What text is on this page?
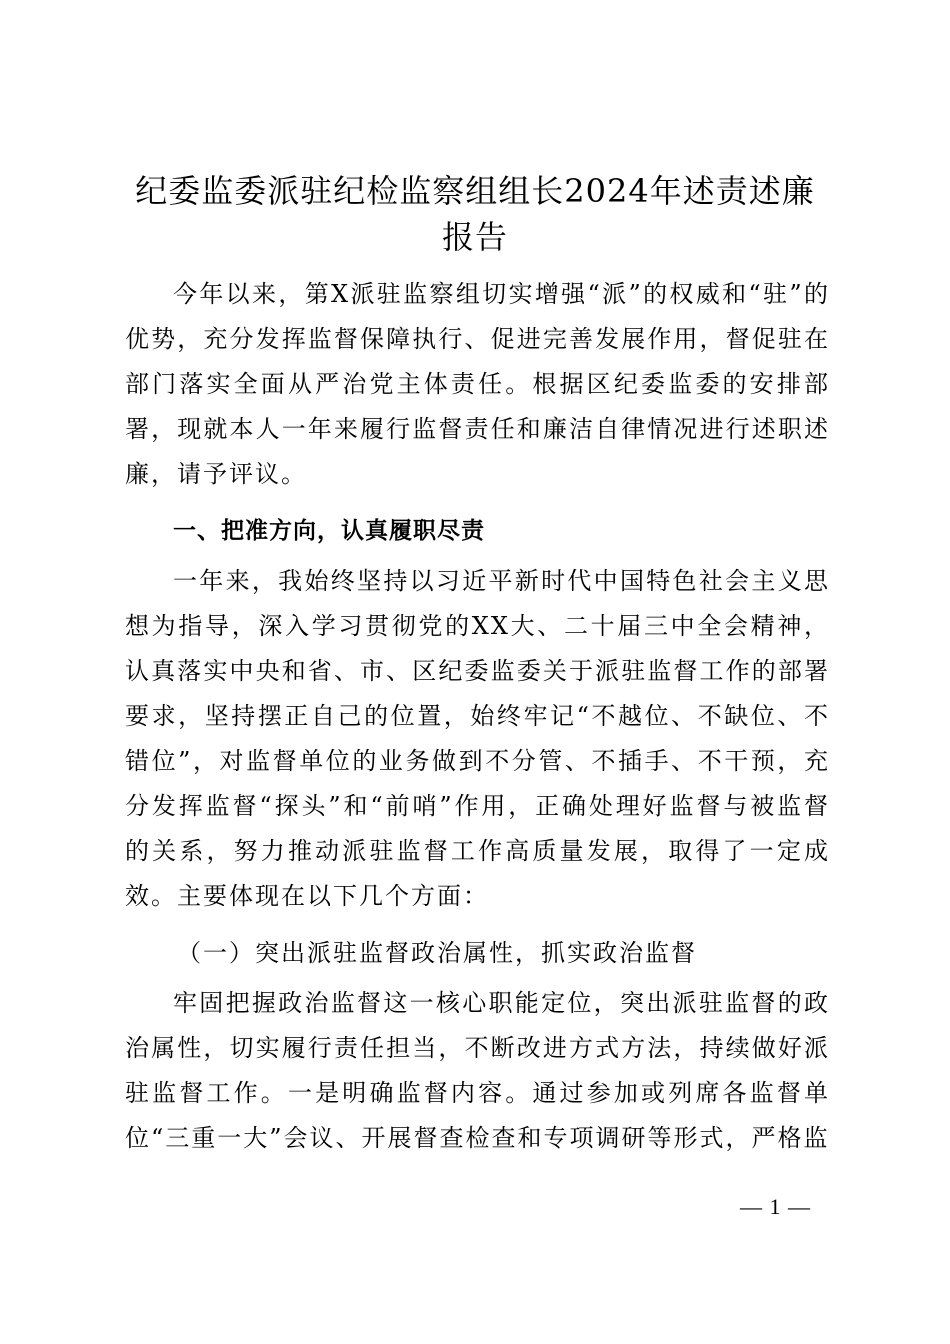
纪委监委派驻纪检监察组组长2024年述责述廉报告

今年以来，第X派驻监察组切实增强“派”的权威和“驻”的优势，充分发挥监督保障执行、促进完善发展作用，督促驻在部门落实全面从严治党主体责任。根据区纪委监委的安排部署，现就本人一年来履行监督责任和廉洁自律情况进行述职述廉，请予评议。

一、把准方向，认真履职尽责

一年来，我始终坚持以习近平新时代中国特色社会主义思想为指导，深入学习贯彻党的XX大、二十届三中全会精神，认真落实中央和省、市、区纪委监委关于派驻监督工作的部署要求，坚持摆正自己的位置，始终牢记“不越位、不缺位、不错位”，对监督单位的业务做到不分管、不插手、不干预，充分发挥监督“探头”和“前哨”作用，正确处理好监督与被监督的关系，努力推动派驻监督工作高质量发展，取得了一定成效。主要体现在以下几个方面：

（一）突出派驻监督政治属性，抓实政治监督

牢固把握政治监督这一核心职能定位，突出派驻监督的政治属性，切实履行责任担当，不断改进方式方法，持续做好派驻监督工作。一是明确监督内容。通过参加或列席各监督单位“三重一大”会议、开展督查检查和专项调研等形式，严格监

— 1 —
